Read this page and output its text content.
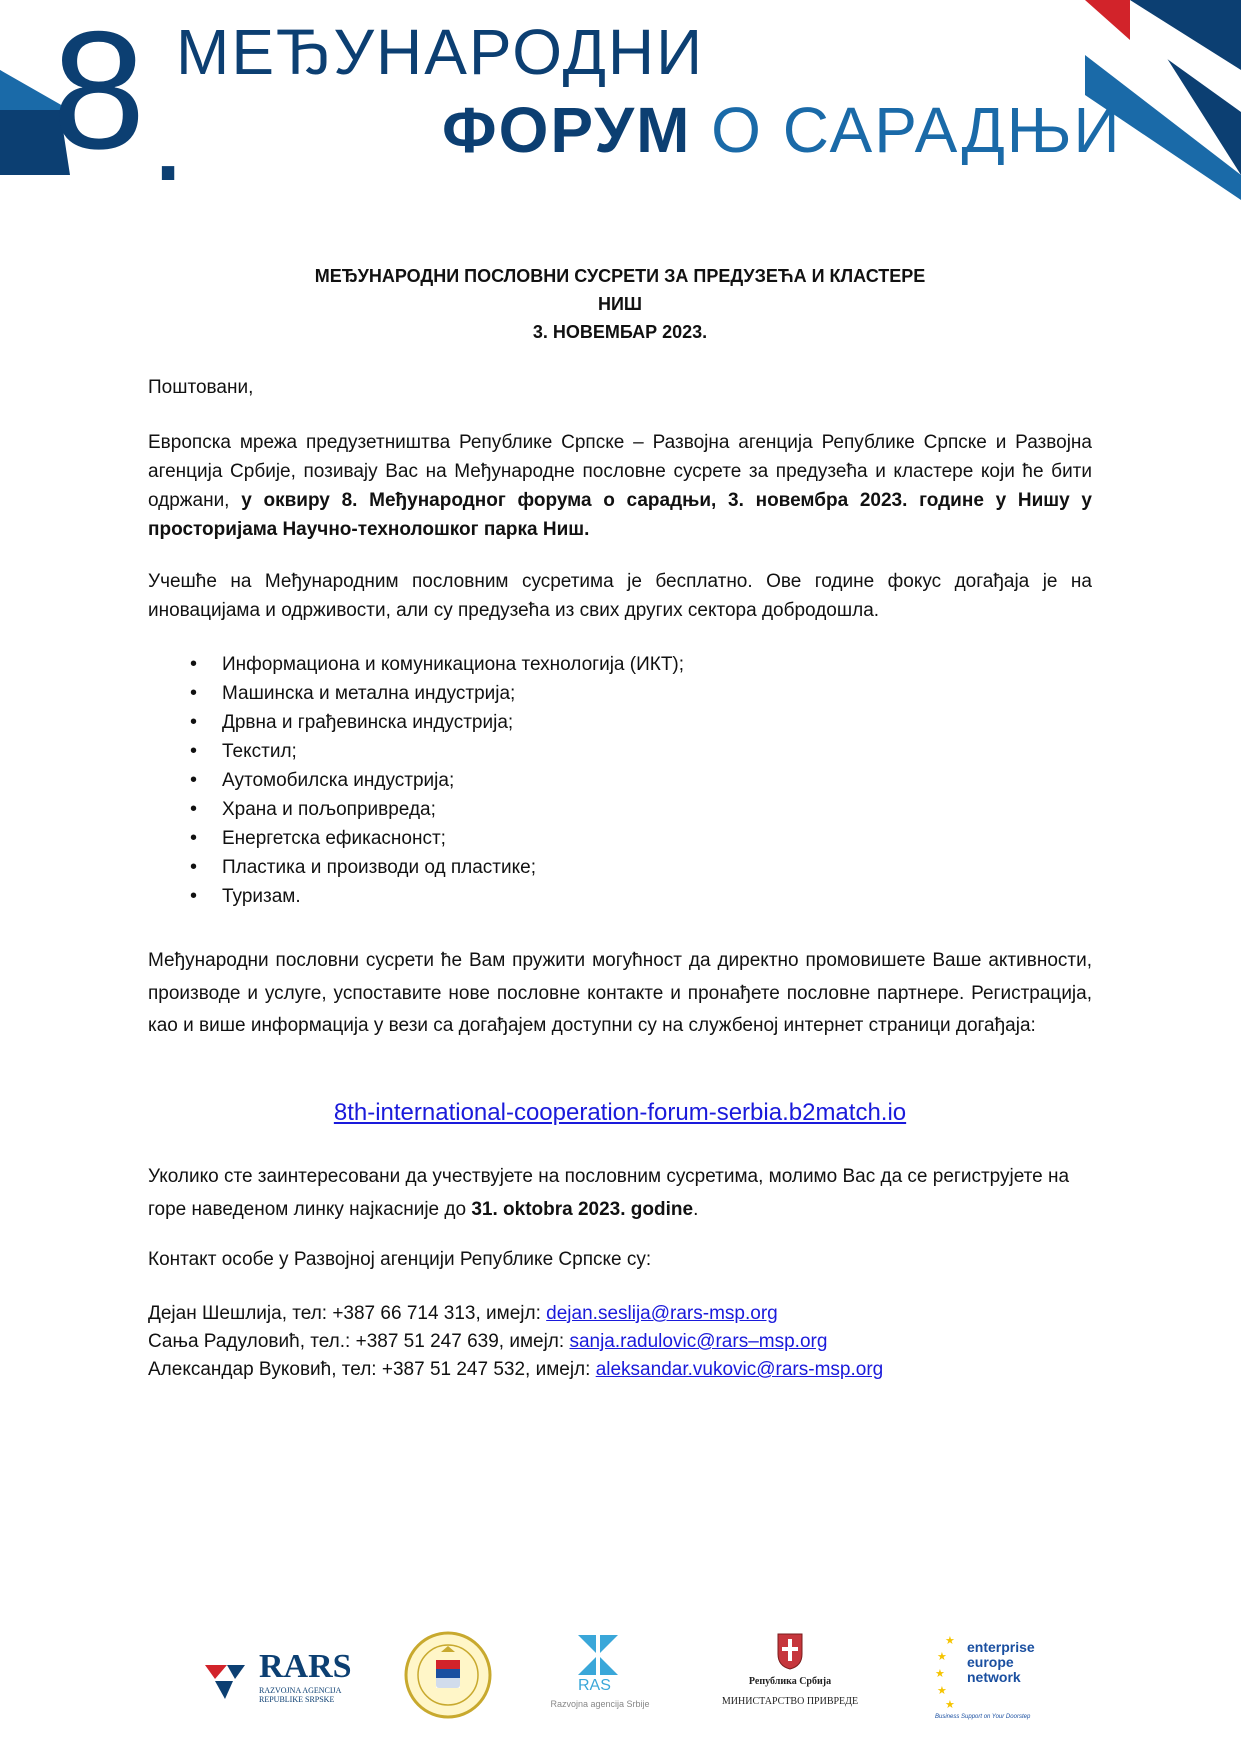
8 .
МЕЂУНАРОДНИ
ФОРУМ О САРАДЊИ
МЕЂУНАРОДНИ ПОСЛОВНИ СУСРЕТИ ЗА ПРЕДУЗЕЋА И КЛАСТЕРЕ
НИШ
3. НОВЕМБАР 2023.
Поштовани,
Европска мрежа предузетништва Републике Српске – Развојна агенција Републике Српске и Развојна агенција Србије, позивају Вас на Међународне пословне сусрете за предузећа и кластере који ће бити одржани, у оквиру 8. Међународног форума о сарадњи, 3. новембра 2023. године у Нишу у просторијама Научно-технолошког парка Ниш.
Учешће на Међународним пословним сусретима је бесплатно. Ове године фокус догађаја је на иновацијама и одрживости, али су предузећа из свих других сектора добродошла.
• Информациона и комуникациона технологија (ИКТ);
• Машинска и метална индустрија;
• Дрвна и грађевинска индустрија;
• Текстил;
• Аутомобилска индустрија;
• Храна и пољопривреда;
• Енергетска ефикаснонст;
• Пластика и производи од пластике;
• Туризам.
Међународни пословни сусрети ће Вам пружити могућност да директно промовишете Ваше активности, производе и услуге, успоставите нове пословне контакте и пронађете пословне партнере. Регистрација, као и више информација у вези са догађајем доступни су на службеној интернет страници догађаја:
8th-international-cooperation-forum-serbia.b2match.io
Уколико сте заинтересовани да учествујете на пословним сусретима, молимо Вас да се региструјете на горе наведеном линку најкасније до 31. oktobra 2023. godine.
Контакт особе у Развојној агенцији Републике Српске су:
Дејан Шешлија, тел: +387 66 714 313, имејл: dejan.seslija@rars-msp.org
Сања Радуловић, тел.: +387 51 247 639, имејл: sanja.radulovic@rars–msp.org
Александар Вуковић, тел: +387 51 247 532, имејл: aleksandar.vukovic@rars-msp.org
RARS
RAZVOJNA AGENCIJA
REPUBLIKE SRPSKE
RAS
Razvojna agencija Srbije
Република Србија
МИНИСТАРСТВО ПРИВРЕДЕ
★
★
★
★
★
enterprise
europe
network
Business Support on Your Doorstep
